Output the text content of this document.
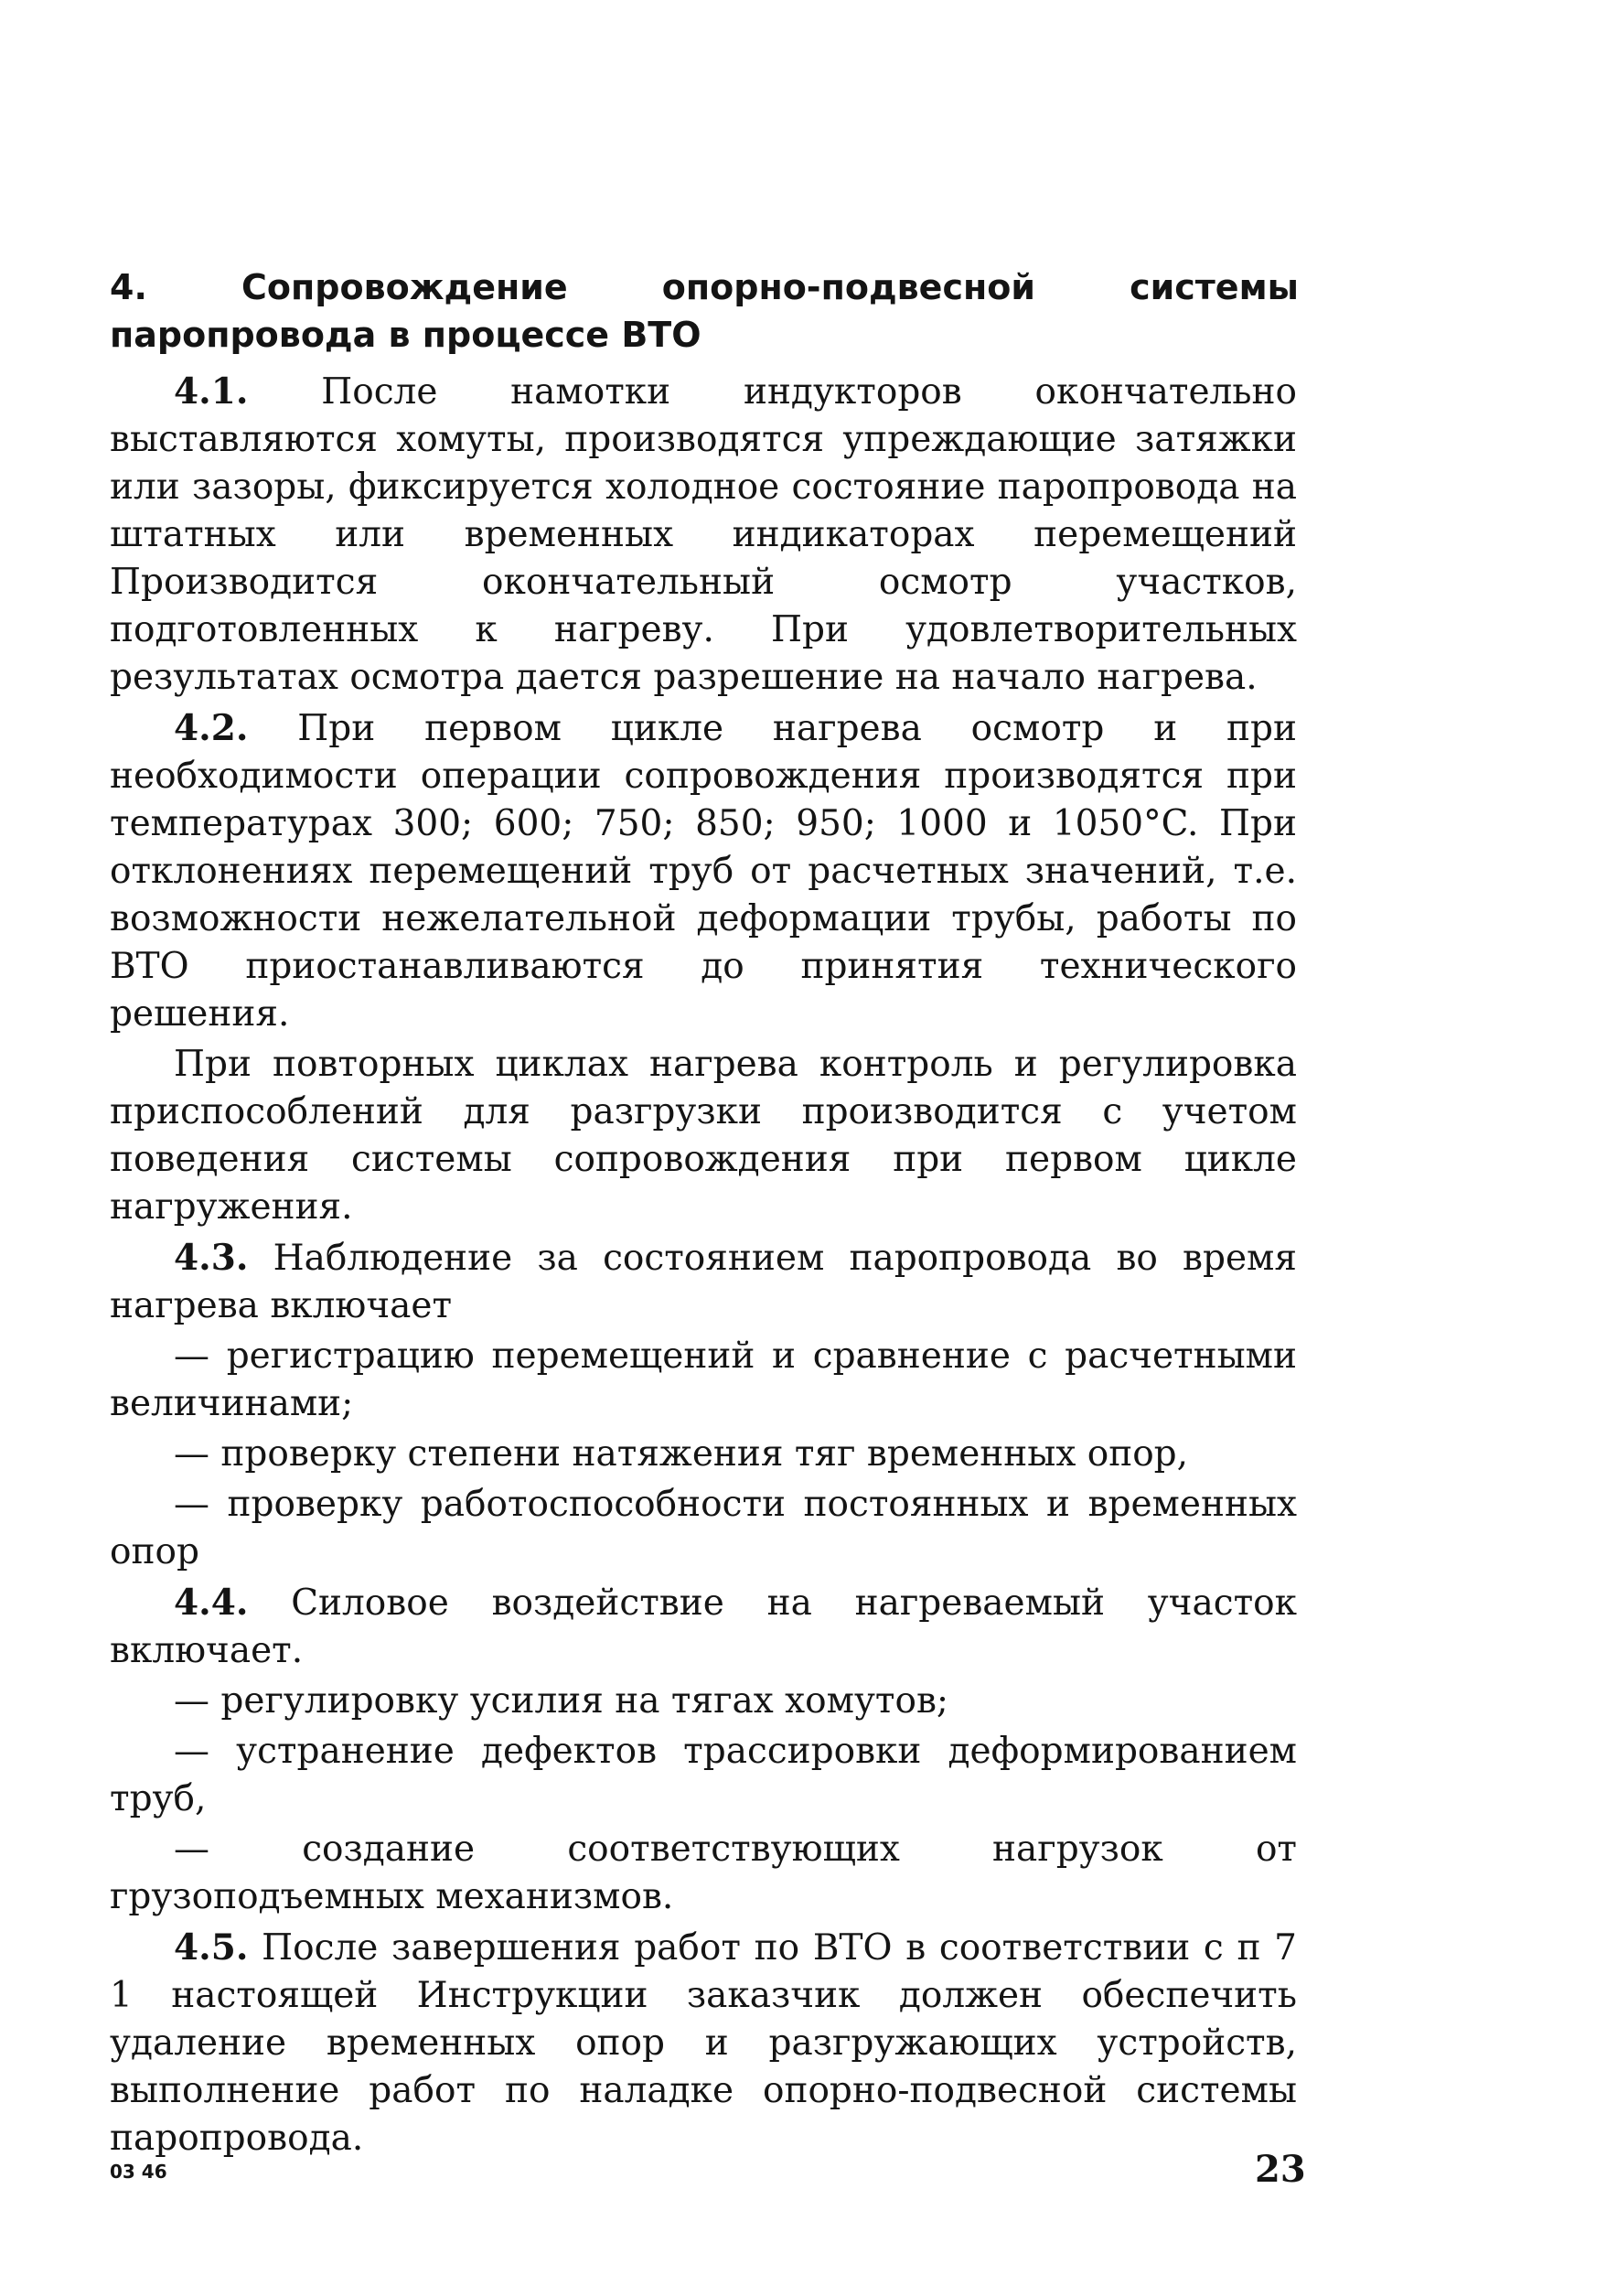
4. Сопровождение опорно-подвесной системы паропровода в процессе ВТО

4.1. После намотки индукторов окончательно выставляются хомуты, производятся упреждающие затяжки или зазоры, фиксируется холодное состояние паропровода на штатных или временных индикаторах перемещений Производится окончательный осмотр участков, подготовленных к нагреву. При удовлетворительных результатах осмотра дается разрешение на начало нагрева.

4.2. При первом цикле нагрева осмотр и при необходимости операции сопровождения производятся при температурах 300; 600; 750; 850; 950; 1000 и 1050°C. При отклонениях перемещений труб от расчетных значений, т.е. возможности нежелательной деформации трубы, работы по ВТО приостанавливаются до принятия технического решения.

При повторных циклах нагрева контроль и регулировка приспособлений для разгрузки производится с учетом поведения системы сопровождения при первом цикле нагружения.

4.3. Наблюдение за состоянием паропровода во время нагрева включает

— регистрацию перемещений и сравнение с расчетными величинами;

— проверку степени натяжения тяг временных опор,

— проверку работоспособности постоянных и временных опор

4.4. Силовое воздействие на нагреваемый участок включает.

— регулировку усилия на тягах хомутов;

— устранение дефектов трассировки деформированием труб,

— создание соответствующих нагрузок от грузоподъемных механизмов.

4.5. После завершения работ по ВТО в соответствии с п 7 1 настоящей Инструкции заказчик должен обеспечить удаление временных опор и разгружающих устройств, выполнение работ по наладке опорно-подвесной системы паропровода.

03 46	23
